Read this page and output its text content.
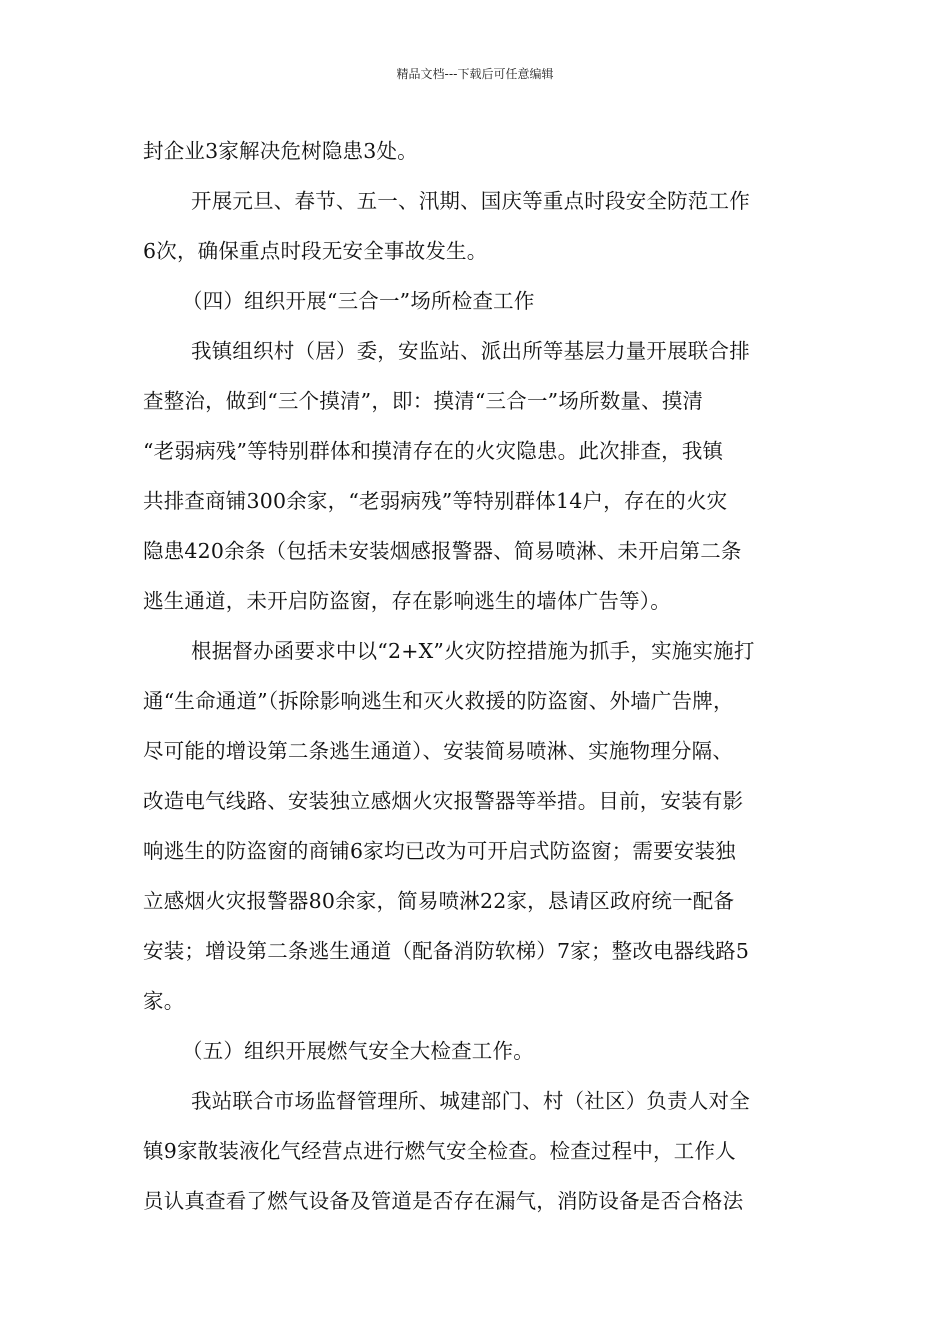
精品文档---下载后可任意编辑
封企业3家解决危树隐患3处。
开展元旦、春节、五一、汛期、国庆等重点时段安全防范工作
6次，确保重点时段无安全事故发生。
（四）组织开展“三合一”场所检查工作
我镇组织村（居）委，安监站、派出所等基层力量开展联合排
查整治，做到“三个摸清”，即：摸清“三合一”场所数量、摸清
“老弱病残”等特别群体和摸清存在的火灾隐患。此次排查，我镇
共排查商铺300余家，“老弱病残”等特别群体14户，存在的火灾
隐患420余条（包括未安装烟感报警器、简易喷淋、未开启第二条
逃生通道，未开启防盗窗，存在影响逃生的墙体广告等）。
根据督办函要求中以“2+X”火灾防控措施为抓手，实施实施打
通“生命通道”（拆除影响逃生和灭火救援的防盗窗、外墙广告牌，
尽可能的增设第二条逃生通道）、安装简易喷淋、实施物理分隔、
改造电气线路、安装独立感烟火灾报警器等举措。目前，安装有影
响逃生的防盗窗的商铺6家均已改为可开启式防盗窗；需要安装独
立感烟火灾报警器80余家，简易喷淋22家，恳请区政府统一配备
安装；增设第二条逃生通道（配备消防软梯）7家；整改电器线路5
家。
（五）组织开展燃气安全大检查工作。
我站联合市场监督管理所、城建部门、村（社区）负责人对全
镇9家散装液化气经营点进行燃气安全检查。检查过程中，工作人
员认真查看了燃气设备及管道是否存在漏气，消防设备是否合格法
